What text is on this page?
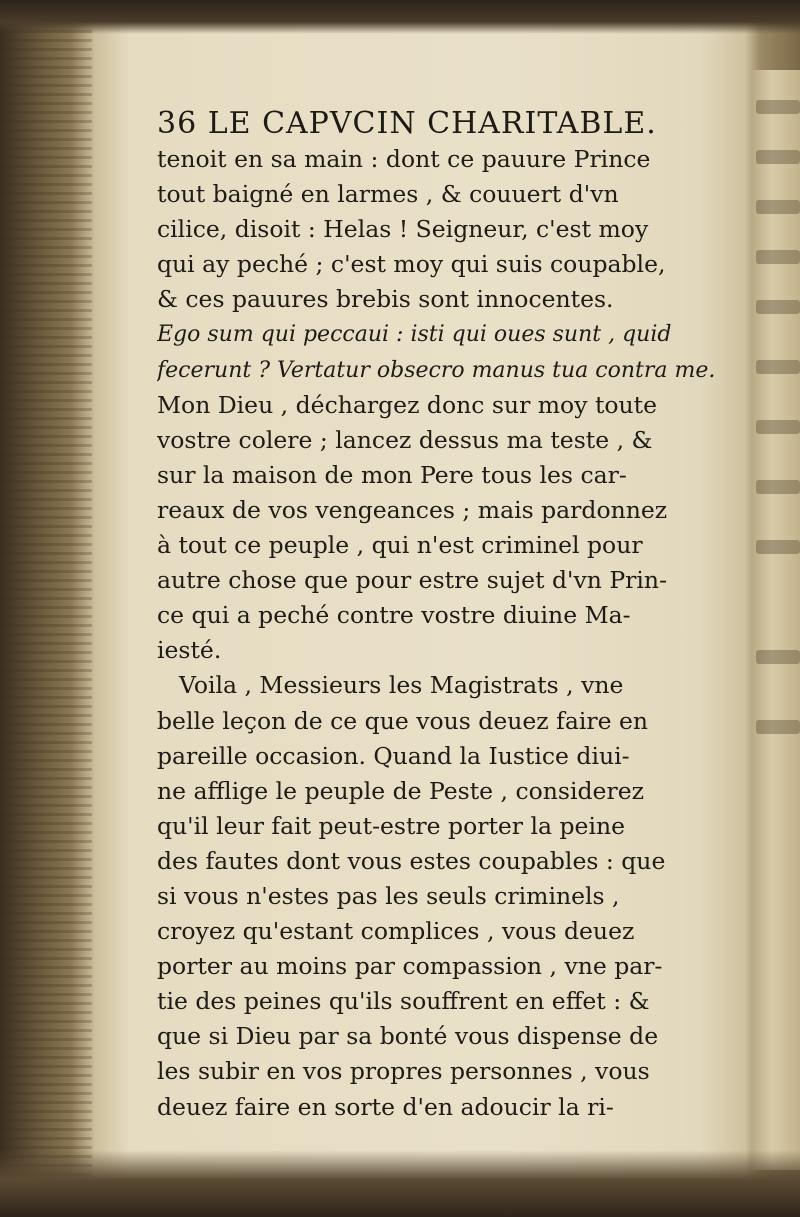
36 LE CAPVCIN CHARITABLE.
tenoit en sa main : dont ce pauure Prince
tout baigné en larmes , & couuert d'vn
cilice, disoit : Helas ! Seigneur, c'est moy
qui ay peché ; c'est moy qui suis coupable,
& ces pauures brebis sont innocentes.
Ego sum qui peccaui : isti qui oues sunt , quid
fecerunt ? Vertatur obsecro manus tua contra me.
Mon Dieu , déchargez donc sur moy toute
vostre colere ; lancez dessus ma teste , &
sur la maison de mon Pere tous les car-
reaux de vos vengeances ; mais pardonnez
à tout ce peuple , qui n'est criminel pour
autre chose que pour estre sujet d'vn Prin-
ce qui a peché contre vostre diuine Ma-
iesté.
Voila , Messieurs les Magistrats , vne
belle leçon de ce que vous deuez faire en
pareille occasion. Quand la Iustice diui-
ne afflige le peuple de Peste , considerez
qu'il leur fait peut-estre porter la peine
des fautes dont vous estes coupables : que
si vous n'estes pas les seuls criminels ,
croyez qu'estant complices , vous deuez
porter au moins par compassion , vne par-
tie des peines qu'ils souffrent en effet : &
que si Dieu par sa bonté vous dispense de
les subir en vos propres personnes , vous
deuez faire en sorte d'en adoucir la ri-
